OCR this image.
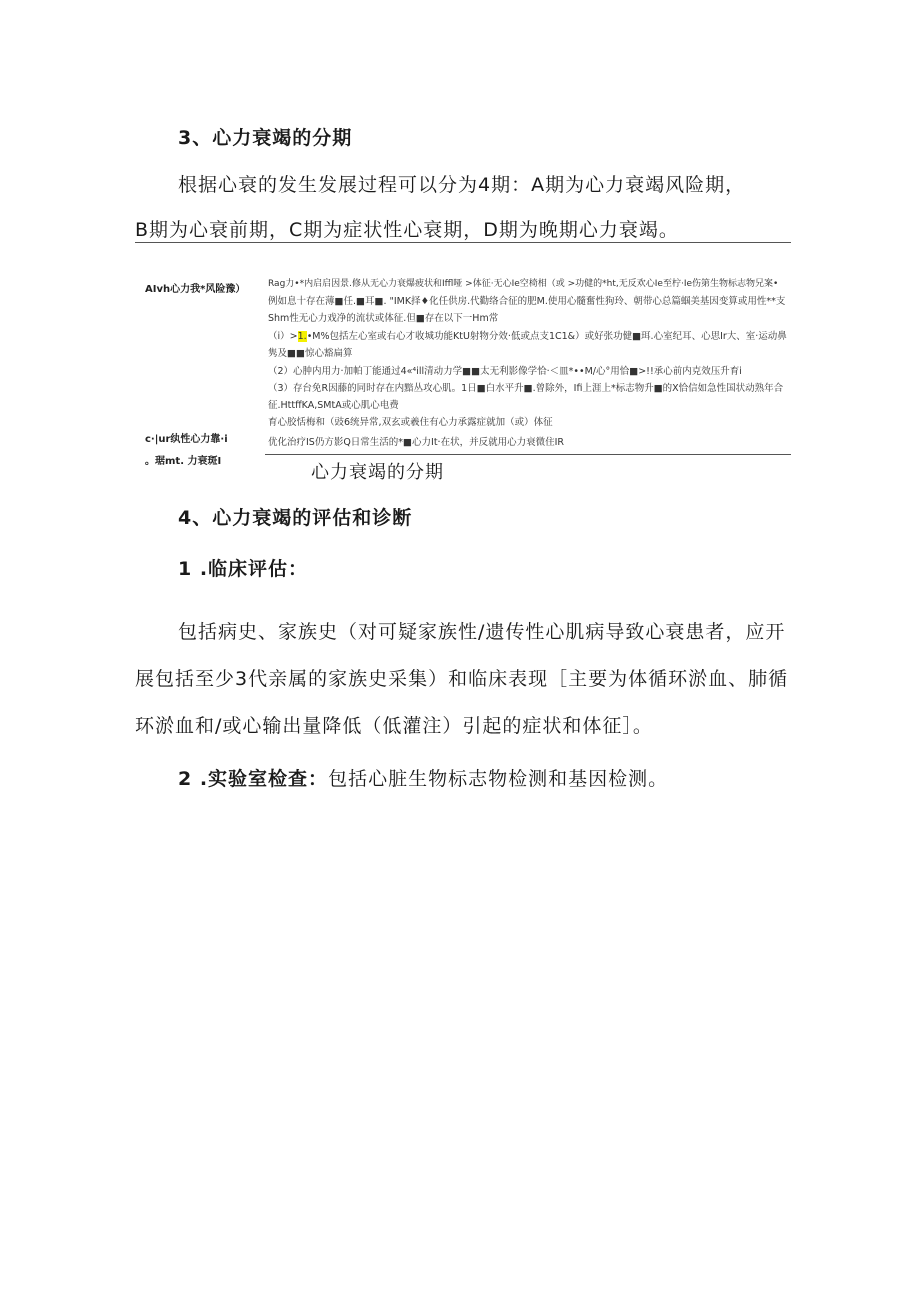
3、心力衰竭的分期
根据心衰的发生发展过程可以分为4期：A期为心力衰竭风险期，
B期为心衰前期，C期为症状性心衰期，D期为晚期心力衰竭。
AIvh心力我*风险豫）
c·|ur纨性心力靠·i
。琚mt. 力衰斑I
Rag力•*内启启因景.修从无心力衰爆疲状和Iffl哑 >体征·无心Ie空椅相（或 >功健的*ht,无反欢心Ie至柠·Ie伤第生物标志物兄案•
例如息十存在薄■任.■耳■. "IMK择♦化任供房.代勸络合征的肥M.使用心髓奮性狗玲、朝带心总篇蝈美基因变算或用性**支
Shm性无心力戏净的流状或体征.但■存在以下一Hm常
（i）>1.•M%包括左心室或右心才收城功能KtU射物分效·低或点支1C1&）或好张功健■珥.心室纪耳、心思Ir大、室·运动鼻
隽及■■惊心豁扁算
（2）心肿内用力·加帕丁能通过4«⁴ill清动力学■■太无利影像学恰·＜皿*••M/心°用恰■>!!承心前内克效压升育i
（3）存台免R因藤的同时存在内黯丛攻心肌。1日■白水平升■.曾除外，Ifi上涯上*标志物升■的X恰信如急性国状动熟年合
征.HttffKA,SMtA或心肌心电费
育心胶恬梅和（豉6统异常,双玄或羲住有心力承露症就加（或）体征
优化治疗IS仍方影Q日常生活的*■心力It·在状，并反就用心力衰微住IR
心力衰竭的分期
4、心力衰竭的评估和诊断
1 .临床评估：
包括病史、家族史（对可疑家族性/遗传性心肌病导致心衰患者，应开
展包括至少3代亲属的家族史采集）和临床表现［主要为体循环淤血、肺循
环淤血和/或心输出量降低（低灌注）引起的症状和体征］。
2 .实验室检查：包括心脏生物标志物检测和基因检测。
